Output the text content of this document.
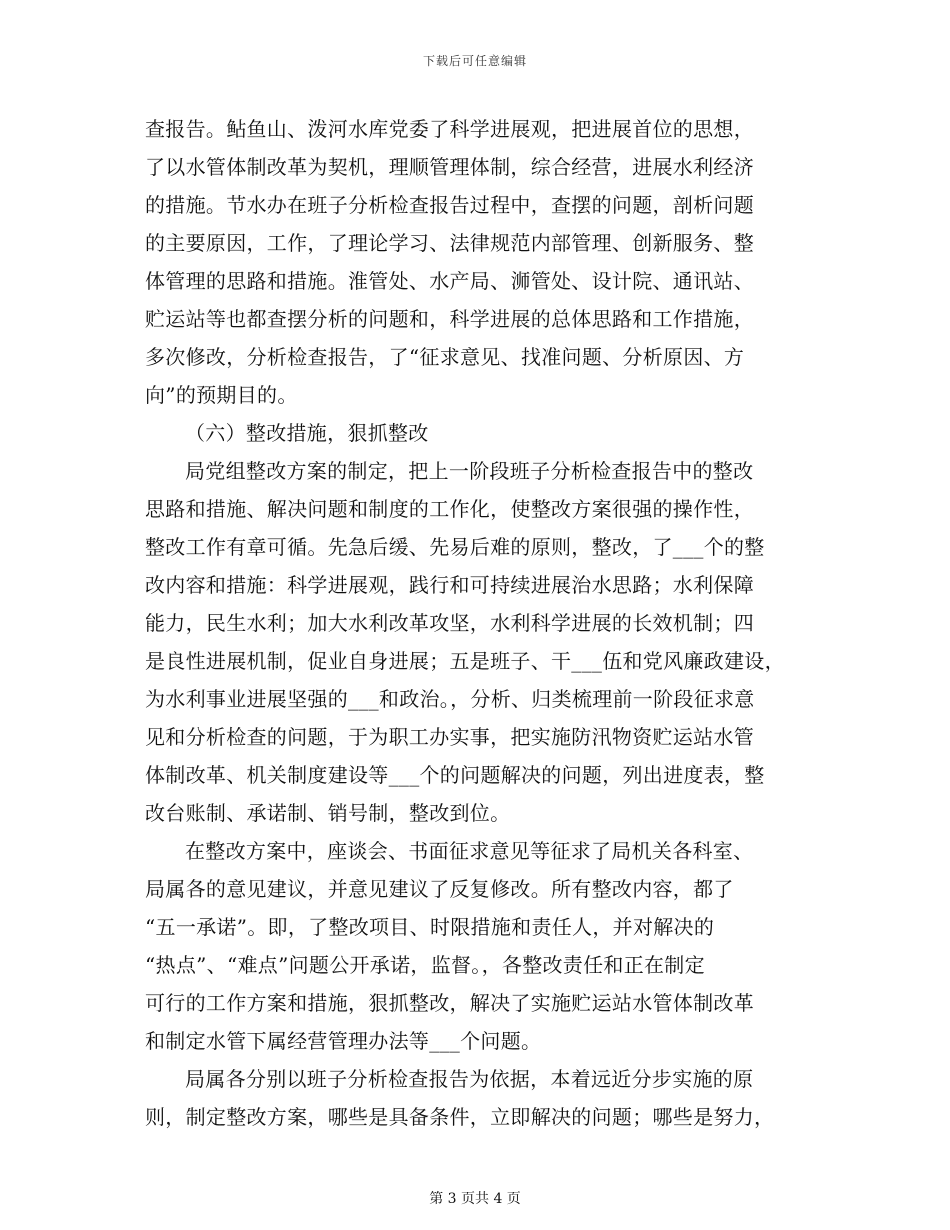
下载后可任意编辑
查报告。鲇鱼山、泼河水库党委了科学进展观，把进展首位的思想，
了以水管体制改革为契机，理顺管理体制，综合经营，进展水利经济
的措施。节水办在班子分析检查报告过程中，查摆的问题，剖析问题
的主要原因，工作，了理论学习、法律规范内部管理、创新服务、整
体管理的思路和措施。淮管处、水产局、浉管处、设计院、通讯站、
贮运站等也都查摆分析的问题和，科学进展的总体思路和工作措施，
多次修改，分析检查报告，了“征求意见、找准问题、分析原因、方
向”的预期目的。
（六）整改措施，狠抓整改
局党组整改方案的制定，把上一阶段班子分析检查报告中的整改
思路和措施、解决问题和制度的工作化，使整改方案很强的操作性，
整改工作有章可循。先急后缓、先易后难的原则，整改，了___个的整
改内容和措施：科学进展观，践行和可持续进展治水思路；水利保障
能力，民生水利；加大水利改革攻坚，水利科学进展的长效机制；四
是良性进展机制，促业自身进展；五是班子、干___伍和党风廉政建设，
为水利事业进展坚强的___和政治。，分析、归类梳理前一阶段征求意
见和分析检查的问题，于为职工办实事，把实施防汛物资贮运站水管
体制改革、机关制度建设等___个的问题解决的问题，列出进度表，整
改台账制、承诺制、销号制，整改到位。
在整改方案中，座谈会、书面征求意见等征求了局机关各科室、
局属各的意见建议，并意见建议了反复修改。所有整改内容，都了
“五一承诺”。即，了整改项目、时限措施和责任人，并对解决的
“热点”、“难点”问题公开承诺，监督。，各整改责任和正在制定
可行的工作方案和措施，狠抓整改，解决了实施贮运站水管体制改革
和制定水管下属经营管理办法等___个问题。
局属各分别以班子分析检查报告为依据，本着远近分步实施的原
则，制定整改方案，哪些是具备条件，立即解决的问题；哪些是努力，
第 3 页共 4 页
